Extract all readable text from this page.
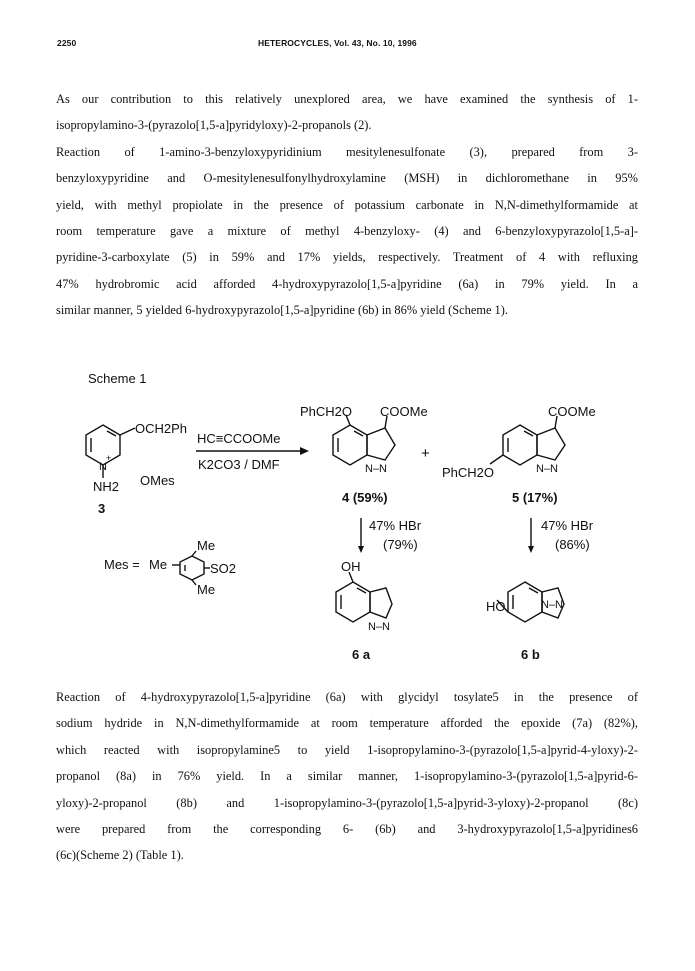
2250	HETEROCYCLES, Vol. 43, No. 10, 1996
As our contribution to this relatively unexplored area, we have examined the synthesis of 1-
isopropylamino-3-(pyrazolo[1,5-a]pyridyloxy)-2-propanols (2).
Reaction of 1-amino-3-benzyloxypyridinium mesitylenesulfonate (3), prepared from 3-
benzyloxypyridine and O-mesitylenesulfonylhydroxylamine (MSH) in dichloromethane in 95%
yield, with methyl propiolate in the presence of potassium carbonate in N,N-dimethylformamide at
room temperature gave a mixture of methyl 4-benzyloxy- (4) and 6-benzyloxypyrazolo[1,5-a]-
pyridine-3-carboxylate (5) in 59% and 17% yields, respectively. Treatment of 4 with refluxing
47% hydrobromic acid afforded 4-hydroxypyrazolo[1,5-a]pyridine (6a) in 79% yield. In a
similar manner, 5 yielded 6-hydroxypyrazolo[1,5-a]pyridine (6b) in 86% yield (Scheme 1).
Scheme 1
OCH2Ph
N
+
NH2 OMes
3
HC≡CCOOMe
K2CO3 / DMF
PhCH2O COOMe
N–N
+
4 (59%)
COOMe
PhCH2O	N–N
5 (17%)
47% HBr
(79%)
47% HBr
(86%)
Mes = Me
Me
SO2
Me
OH
N–N
6 a
HO	N–N
6 b
Reaction of 4-hydroxypyrazolo[1,5-a]pyridine (6a) with glycidyl tosylate5 in the presence of
sodium hydride in N,N-dimethylformamide at room temperature afforded the epoxide (7a) (82%),
which reacted with isopropylamine5 to yield 1-isopropylamino-3-(pyrazolo[1,5-a]pyrid-4-yloxy)-2-
propanol (8a) in 76% yield. In a similar manner, 1-isopropylamino-3-(pyrazolo[1,5-a]pyrid-6-
yloxy)-2-propanol (8b) and 1-isopropylamino-3-(pyrazolo[1,5-a]pyrid-3-yloxy)-2-propanol (8c)
were prepared from the corresponding 6- (6b) and 3-hydroxypyrazolo[1,5-a]pyridines6
(6c)(Scheme 2) (Table 1).
